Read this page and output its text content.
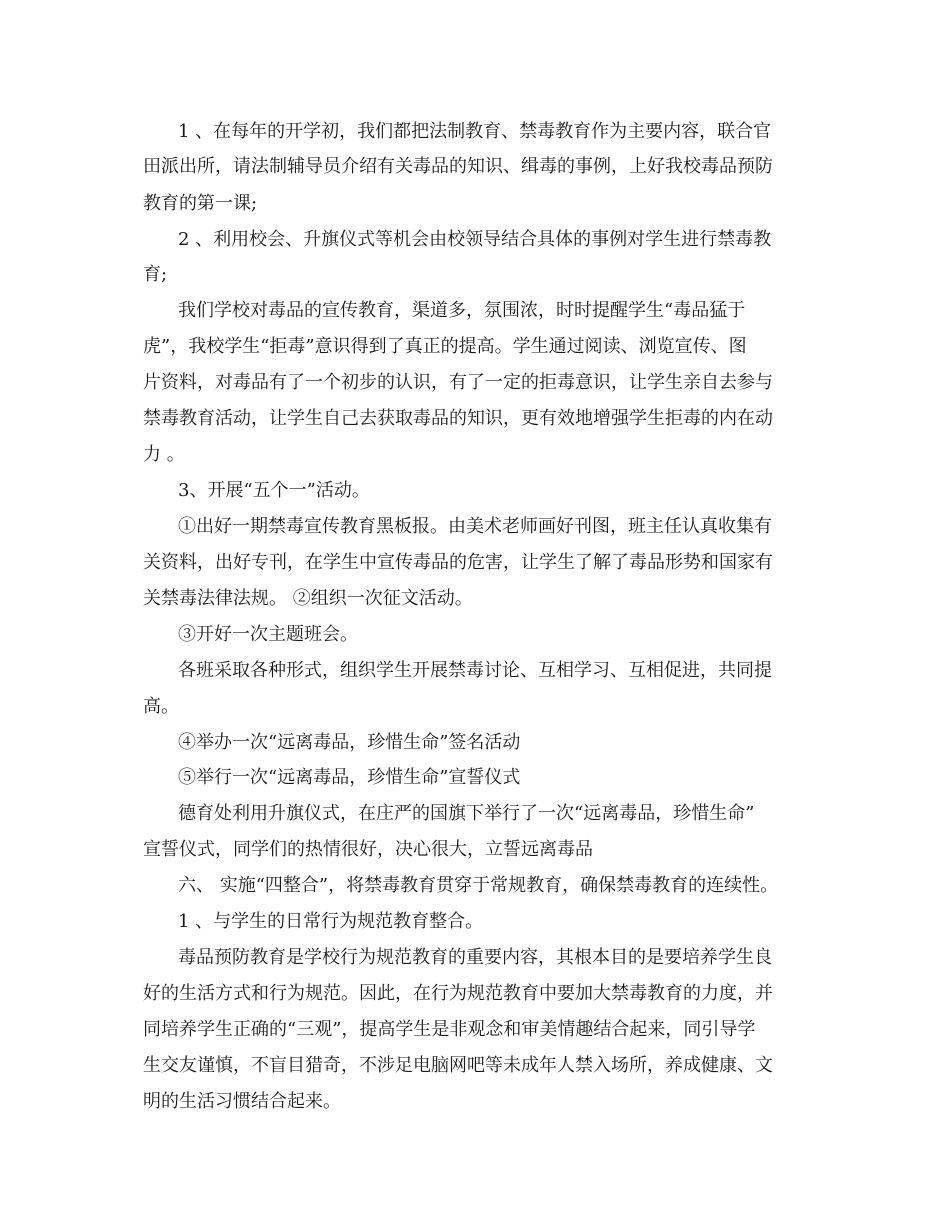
1 、在每年的开学初，我们都把法制教育、禁毒教育作为主要内容，联合官
田派出所，请法制辅导员介绍有关毒品的知识、缉毒的事例，上好我校毒品预防
教育的第一课;
2 、利用校会、升旗仪式等机会由校领导结合具体的事例对学生进行禁毒教
育;
我们学校对毒品的宣传教育，渠道多，氛围浓，时时提醒学生“毒品猛于
虎”，我校学生“拒毒”意识得到了真正的提高。学生通过阅读、浏览宣传、图
片资料，对毒品有了一个初步的认识，有了一定的拒毒意识，让学生亲自去参与
禁毒教育活动，让学生自己去获取毒品的知识，更有效地增强学生拒毒的内在动
力 。
3、开展“五个一”活动。
①出好一期禁毒宣传教育黑板报。由美术老师画好刊图，班主任认真收集有
关资料，出好专刊，在学生中宣传毒品的危害，让学生了解了毒品形势和国家有
关禁毒法律法规。 ②组织一次征文活动。
③开好一次主题班会。
各班采取各种形式，组织学生开展禁毒讨论、互相学习、互相促进，共同提
高。
④举办一次“远离毒品，珍惜生命”签名活动
⑤举行一次“远离毒品，珍惜生命”宣誓仪式
德育处利用升旗仪式，在庄严的国旗下举行了一次“远离毒品，珍惜生命”
宣誓仪式，同学们的热情很好，决心很大，立誓远离毒品
六、 实施“四整合”，将禁毒教育贯穿于常规教育，确保禁毒教育的连续性。
1 、与学生的日常行为规范教育整合。
毒品预防教育是学校行为规范教育的重要内容，其根本目的是要培养学生良
好的生活方式和行为规范。因此，在行为规范教育中要加大禁毒教育的力度，并
同培养学生正确的“三观”，提高学生是非观念和审美情趣结合起来，同引导学
生交友谨慎，不盲目猎奇，不涉足电脑网吧等未成年人禁入场所，养成健康、文
明的生活习惯结合起来。
